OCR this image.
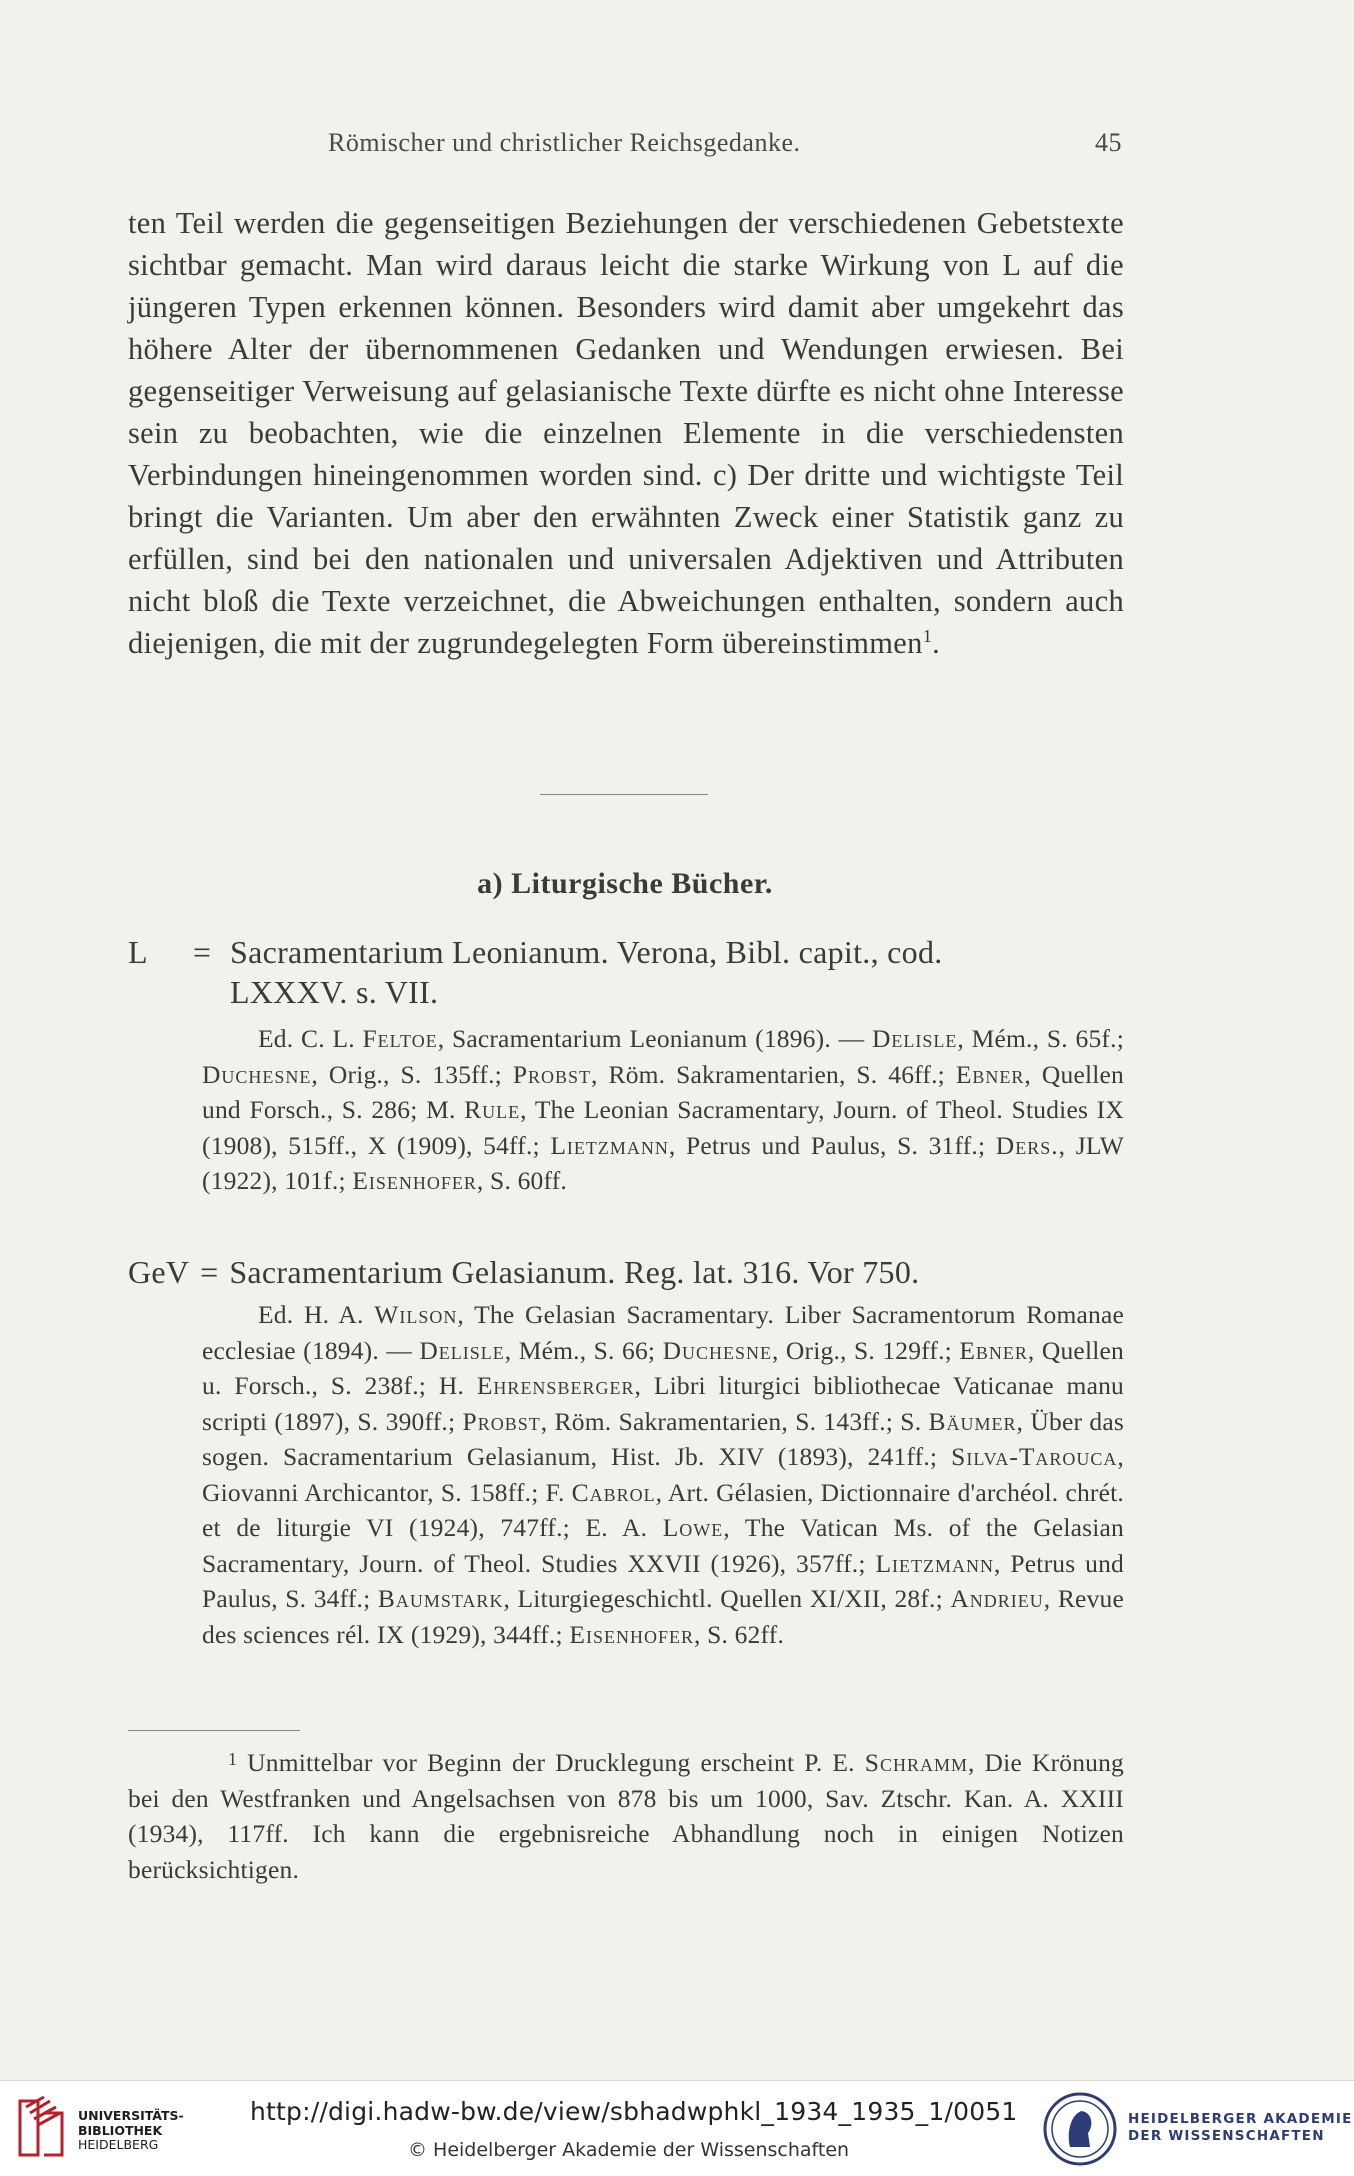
Römischer und christlicher Reichsgedanke.	45

ten Teil werden die gegenseitigen Beziehungen der verschiedenen Gebetstexte sichtbar gemacht. Man wird daraus leicht die starke Wirkung von L auf die jüngeren Typen erkennen können. Besonders wird damit aber umgekehrt das höhere Alter der übernommenen Gedanken und Wendungen erwiesen. Bei gegenseitiger Verweisung auf gelasianische Texte dürfte es nicht ohne Interesse sein zu beobachten, wie die einzelnen Elemente in die verschiedensten Verbindungen hineingenommen worden sind. c) Der dritte und wichtigste Teil bringt die Varianten. Um aber den erwähnten Zweck einer Statistik ganz zu erfüllen, sind bei den nationalen und universalen Adjektiven und Attributen nicht bloß die Texte verzeichnet, die Abweichungen enthalten, sondern auch diejenigen, die mit der zugrundegelegten Form übereinstimmen$^1$.

a) Liturgische Bücher.
L = Sacramentarium Leonianum. Verona, Bibl. capit., cod.
LXXXV. s. VII.

Ed. C. L. Feltoe, Sacramentarium Leonianum (1896). — Delisle, Mém., S. 65f.; Duchesne, Orig., S. 135ff.; Probst, Röm. Sakramentarien, S. 46ff.; Ebner, Quellen und Forsch., S. 286; M. Rule, The Leonian Sacramentary, Journ. of Theol. Studies IX (1908), 515ff., X (1909), 54ff.; Lietzmann, Petrus und Paulus, S. 31ff.; Ders., JLW (1922), 101f.; Eisenhofer, S. 60ff.

GeV = Sacramentarium Gelasianum. Reg. lat. 316. Vor 750.

Ed. H. A. Wilson, The Gelasian Sacramentary. Liber Sacramentorum Romanae ecclesiae (1894). — Delisle, Mém., S. 66; Duchesne, Orig., S. 129ff.; Ebner, Quellen u. Forsch., S. 238f.; H. Ehrensberger, Libri liturgici bibliothecae Vaticanae manu scripti (1897), S. 390ff.; Probst, Röm. Sakramentarien, S. 143ff.; S. Bäumer, Über das sogen. Sacramentarium Gelasianum, Hist. Jb. XIV (1893), 241ff.; Silva-Tarouca, Giovanni Archicantor, S. 158ff.; F. Cabrol, Art. Gélasien, Dictionnaire d'archéol. chrét. et de liturgie VI (1924), 747ff.; E. A. Lowe, The Vatican Ms. of the Gelasian Sacramentary, Journ. of Theol. Studies XXVII (1926), 357ff.; Lietzmann, Petrus und Paulus, S. 34ff.; Baumstark, Liturgiegeschichtl. Quellen XI/XII, 28f.; Andrieu, Revue des sciences rél. IX (1929), 344ff.; Eisenhofer, S. 62ff.

$^1$ Unmittelbar vor Beginn der Drucklegung erscheint P. E. Schramm, Die Krönung bei den Westfranken und Angelsachsen von 878 bis um 1000, Sav. Ztschr. Kan. A. XXIII (1934), 117ff. Ich kann die ergebnisreiche Abhandlung noch in einigen Notizen berücksichtigen.

UNIVERSITÄTS-
BIBLIOTHEK
HEIDELBERG
http://digi.hadw-bw.de/view/sbhadwphkl_1934_1935_1/0051
© Heidelberger Akademie der Wissenschaften
HEIDELBERGER AKADEMIE
DER WISSENSCHAFTEN
